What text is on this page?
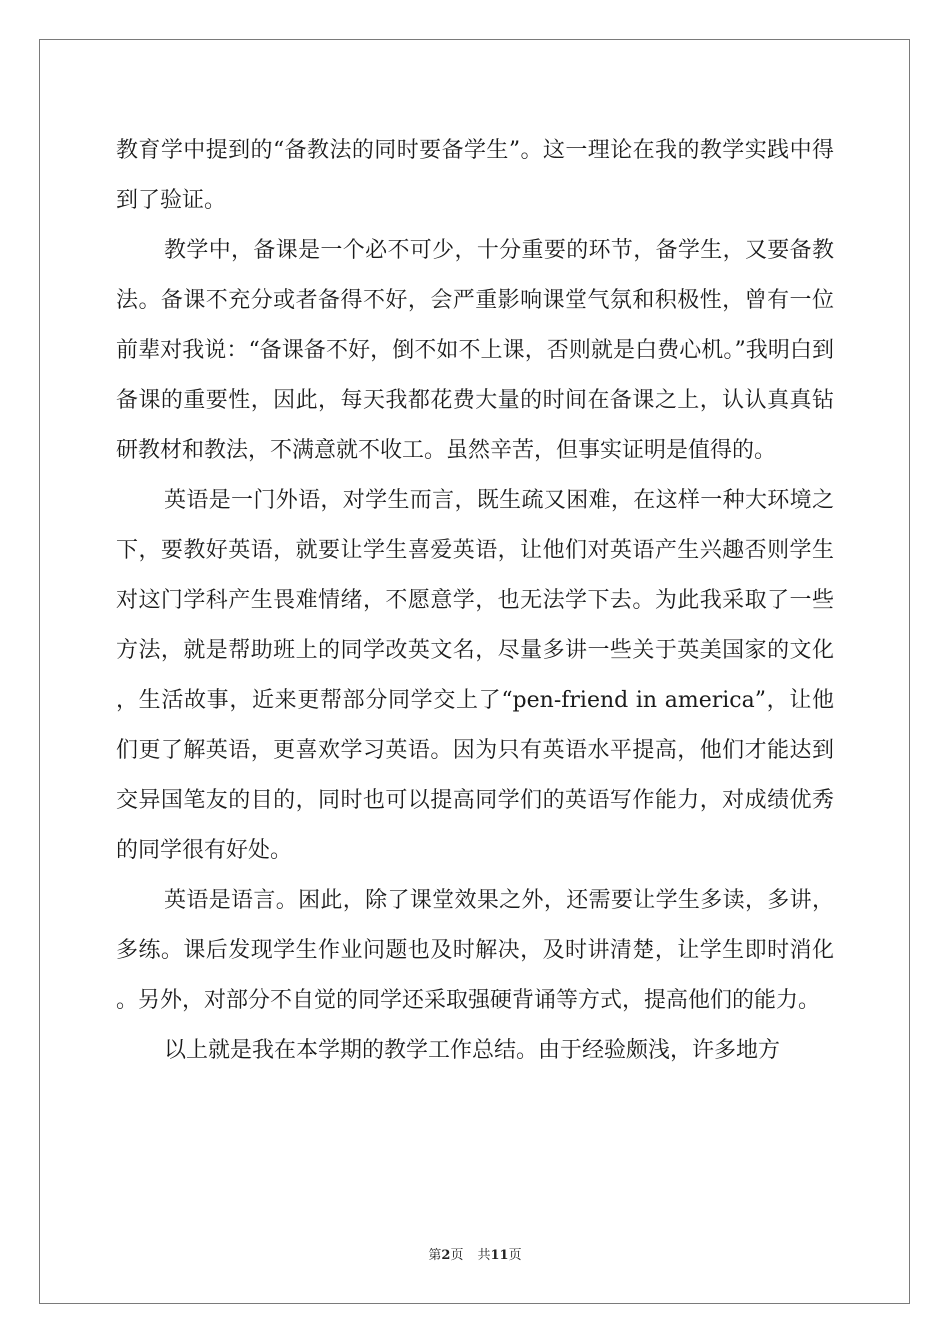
教育学中提到的“备教法的同时要备学生”。这一理论在我的教学实践中得到了验证。

教学中，备课是一个必不可少，十分重要的环节，备学生，又要备教法。备课不充分或者备得不好，会严重影响课堂气氛和积极性，曾有一位前辈对我说：“备课备不好，倒不如不上课，否则就是白费心机。”我明白到备课的重要性，因此，每天我都花费大量的时间在备课之上，认认真真钻研教材和教法，不满意就不收工。虽然辛苦，但事实证明是值得的。

英语是一门外语，对学生而言，既生疏又困难，在这样一种大环境之下，要教好英语，就要让学生喜爱英语，让他们对英语产生兴趣否则学生对这门学科产生畏难情绪，不愿意学，也无法学下去。为此我采取了一些方法，就是帮助班上的同学改英文名，尽量多讲一些关于英美国家的文化，生活故事，近来更帮部分同学交上了“pen-friend in america”，让他们更了解英语，更喜欢学习英语。因为只有英语水平提高，他们才能达到交异国笔友的目的，同时也可以提高同学们的英语写作能力，对成绩优秀的同学很有好处。

英语是语言。困此，除了课堂效果之外，还需要让学生多读，多讲，多练。课后发现学生作业问题也及时解决，及时讲清楚，让学生即时消化。另外，对部分不自觉的同学还采取强硬背诵等方式，提高他们的能力。

以上就是我在本学期的教学工作总结。由于经验颇浅，许多地方

第2页 共11页
